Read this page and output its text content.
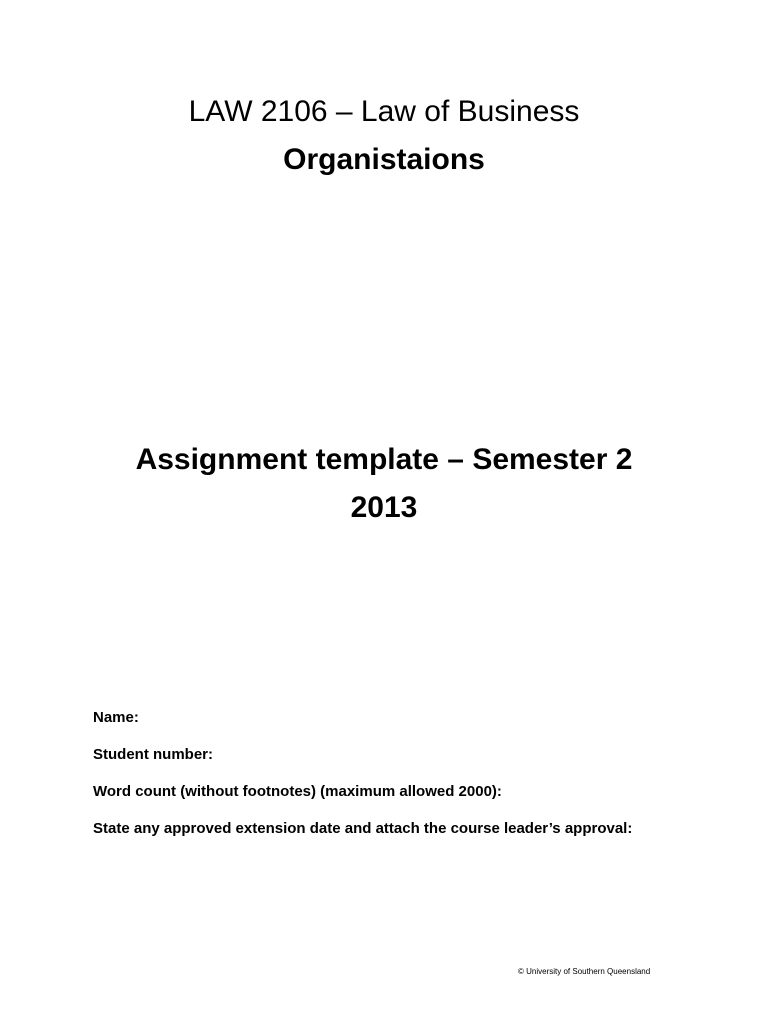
LAW 2106 – Law of Business
Organistaions
Assignment template – Semester 2
2013

Name:

Student number:

Word count (without footnotes) (maximum allowed 2000):

State any approved extension date and attach the course leader’s approval:

© University of Southern Queensland
